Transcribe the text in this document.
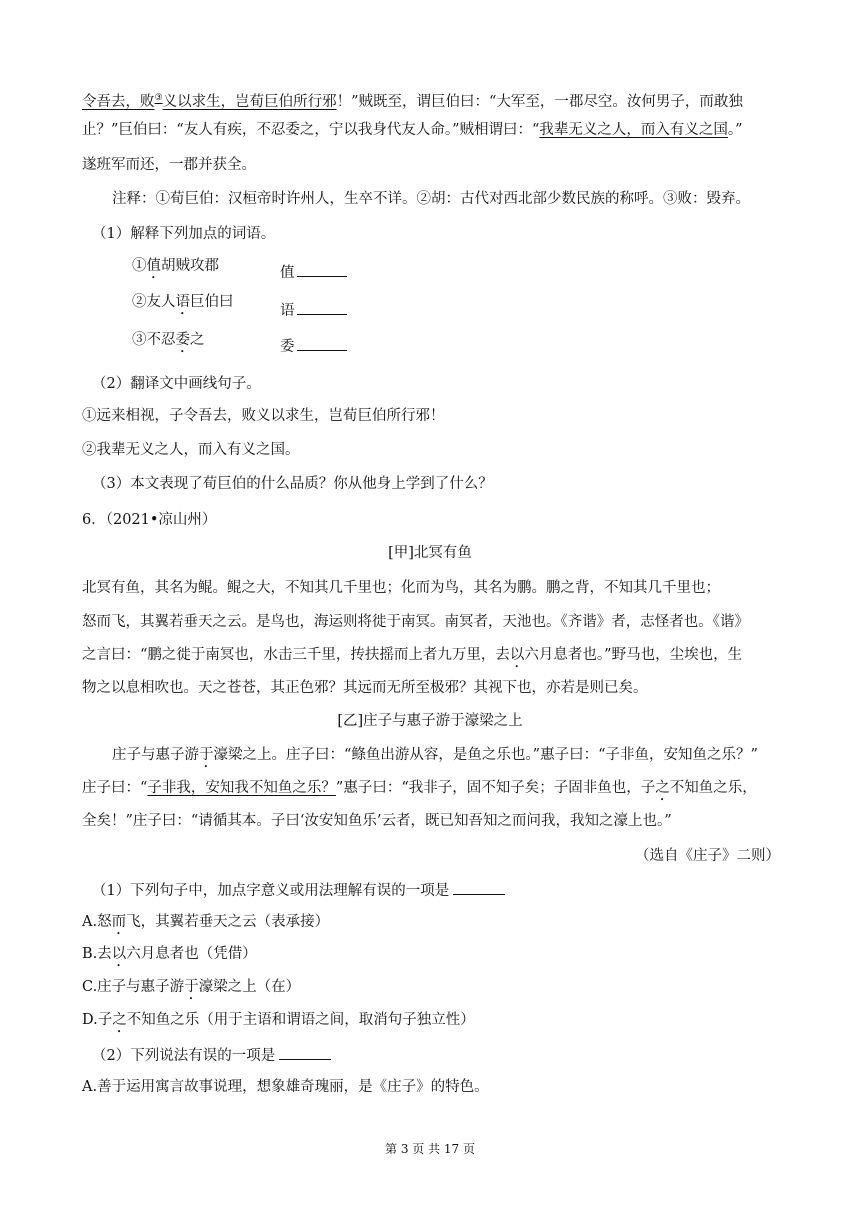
令吾去，败③义以求生，岂荀巨伯所行邪！”贼既至，谓巨伯曰：“大军至，一郡尽空。汝何男子，而敢独
止？”巨伯曰：“友人有疾，不忍委之，宁以我身代友人命。”贼相谓曰：“我辈无义之人，而入有义之国。”
遂班军而还，一郡并获全。
注释：①荀巨伯：汉桓帝时许州人，生卒不详。②胡：古代对西北部少数民族的称呼。③败：毁弃。
（1）解释下列加点的词语。
①值胡贼攻郡	值
②友人语巨伯曰
语
③不忍委之	委
（2）翻译文中画线句子。
①远来相视，子令吾去，败义以求生，岂荀巨伯所行邪！
②我辈无义之人，而入有义之国。
（3）本文表现了荀巨伯的什么品质？你从他身上学到了什么？
6．（2021•凉山州）
[甲]北冥有鱼
北冥有鱼，其名为鲲。鲲之大，不知其几千里也；化而为鸟，其名为鹏。鹏之背，不知其几千里也；
怒而飞，其翼若垂天之云。是鸟也，海运则将徙于南冥。南冥者，天池也。《齐谐》者，志怪者也。《谐》
之言曰：“鹏之徙于南冥也，水击三千里，抟扶摇而上者九万里，去以六月息者也。”野马也，尘埃也，生
物之以息相吹也。天之苍苍，其正色邪？其远而无所至极邪？其视下也，亦若是则已矣。
[乙]庄子与惠子游于濠梁之上
庄子与惠子游于濠梁之上。庄子曰：“鲦鱼出游从容，是鱼之乐也。”惠子曰：“子非鱼，安知鱼之乐？”
庄子曰：“子非我，安知我不知鱼之乐？”惠子曰：“我非子，固不知子矣；子固非鱼也，子之不知鱼之乐，
全矣！”庄子曰：“请循其本。子曰‘汝安知鱼乐’云者，既已知吾知之而问我，我知之濠上也。”
（选自《庄子》二则）
（1）下列句子中，加点字意义或用法理解有误的一项是
A.怒而飞，其翼若垂天之云（表承接）
B.去以六月息者也（凭借）
C.庄子与惠子游于濠梁之上（在）
D.子之不知鱼之乐（用于主语和谓语之间，取消句子独立性）
（2）下列说法有误的一项是
A.善于运用寓言故事说理，想象雄奇瑰丽，是《庄子》的特色。
第 3 页 共 17 页
